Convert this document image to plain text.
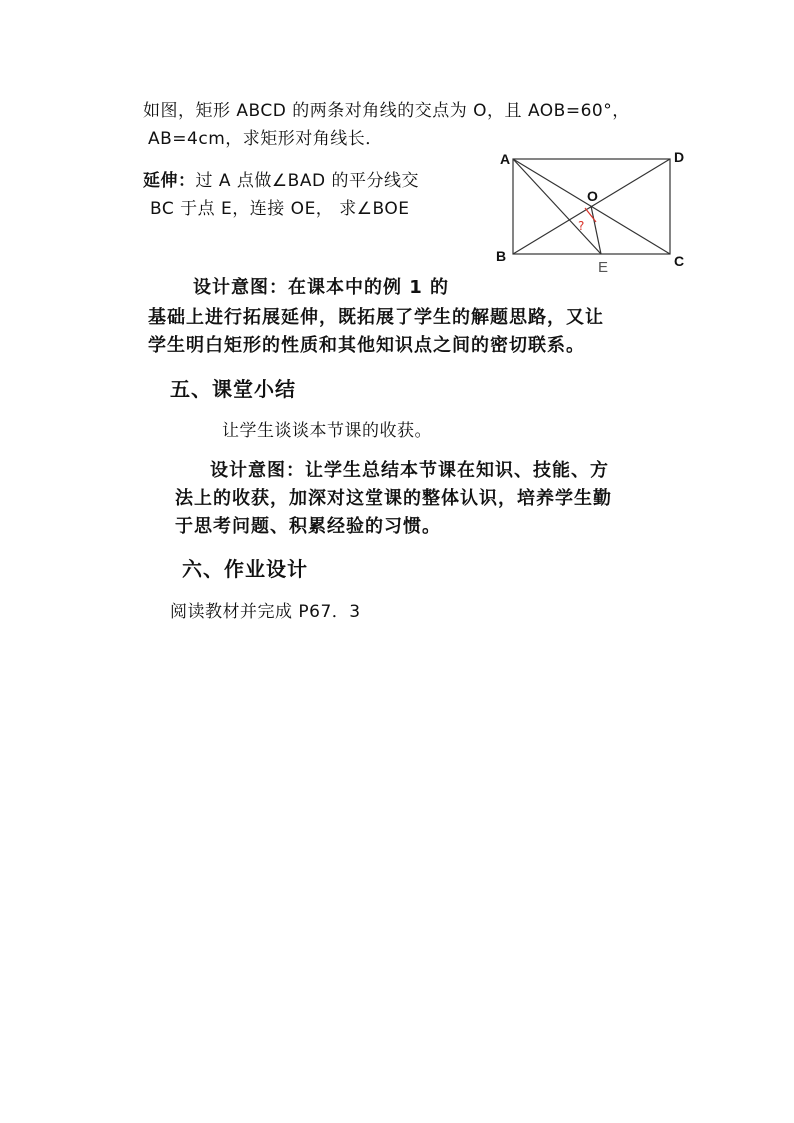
如图，矩形 ABCD 的两条对角线的交点为 O，且 AOB=60°，
AB=4cm，求矩形对角线长．
延伸：过 A 点做∠BAD 的平分线交
BC 于点 E，连接 OE， 求∠BOE
A	D
O
B	C
E
?
设计意图：在课本中的例 1 的
基础上进行拓展延伸，既拓展了学生的解题思路，又让
学生明白矩形的性质和其他知识点之间的密切联系。
五、课堂小结
让学生谈谈本节课的收获。
设计意图：让学生总结本节课在知识、技能、方
法上的收获，加深对这堂课的整体认识，培养学生勤
于思考问题、积累经验的习惯。
六、作业设计
阅读教材并完成 P67．3
